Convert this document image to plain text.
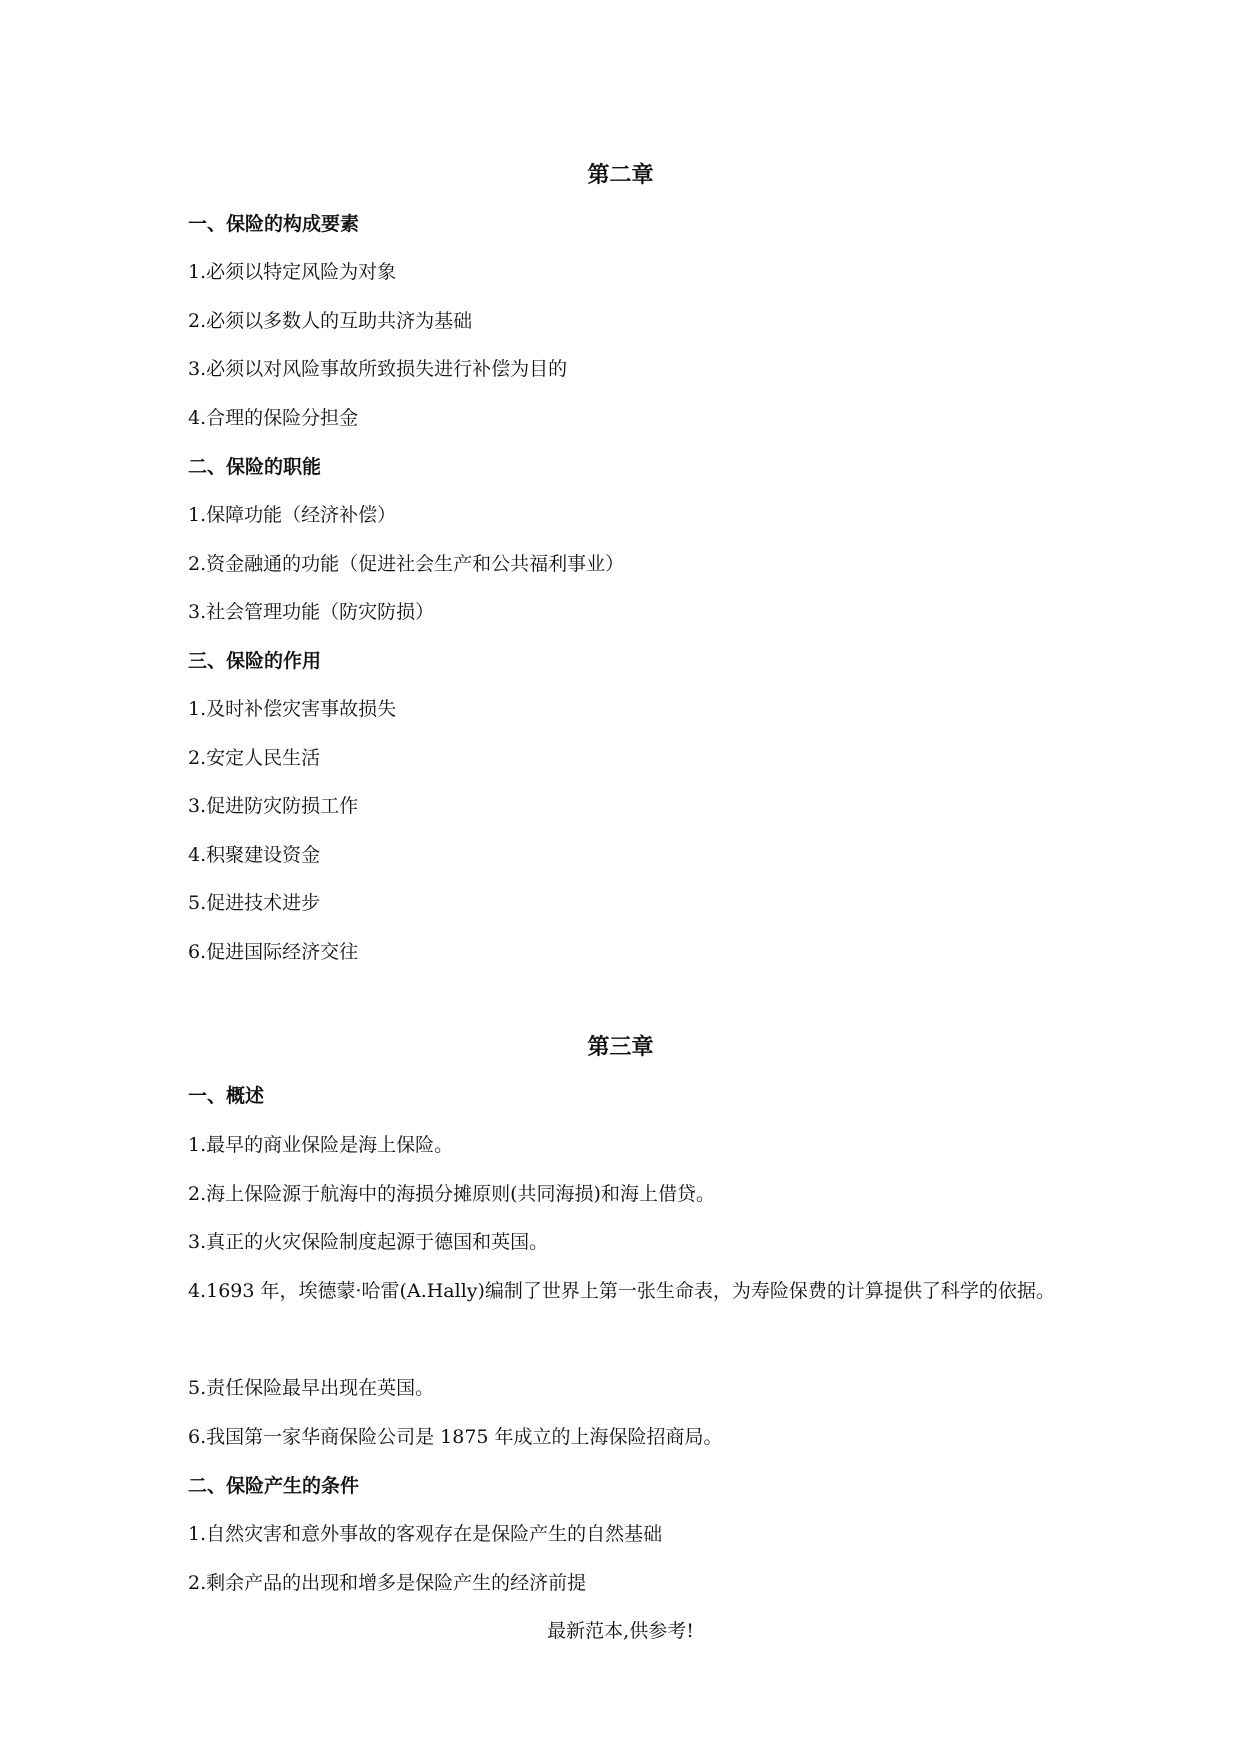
第二章
一、保险的构成要素
1.必须以特定风险为对象
2.必须以多数人的互助共济为基础
3.必须以对风险事故所致损失进行补偿为目的
4.合理的保险分担金
二、保险的职能
1.保障功能（经济补偿）
2.资金融通的功能（促进社会生产和公共福利事业）
3.社会管理功能（防灾防损）
三、保险的作用
1.及时补偿灾害事故损失
2.安定人民生活
3.促进防灾防损工作
4.积聚建设资金
5.促进技术进步
6.促进国际经济交往
第三章
一、概述
1.最早的商业保险是海上保险。
2.海上保险源于航海中的海损分摊原则(共同海损)和海上借贷。
3.真正的火灾保险制度起源于德国和英国。
4.1693 年，埃德蒙·哈雷(A.Hally)编制了世界上第一张生命表，为寿险保费的计算提供了科学的依据。
5.责任保险最早出现在英国。
6.我国第一家华商保险公司是 1875 年成立的上海保险招商局。
二、保险产生的条件
1.自然灾害和意外事故的客观存在是保险产生的自然基础
2.剩余产品的出现和增多是保险产生的经济前提
最新范本,供参考!
